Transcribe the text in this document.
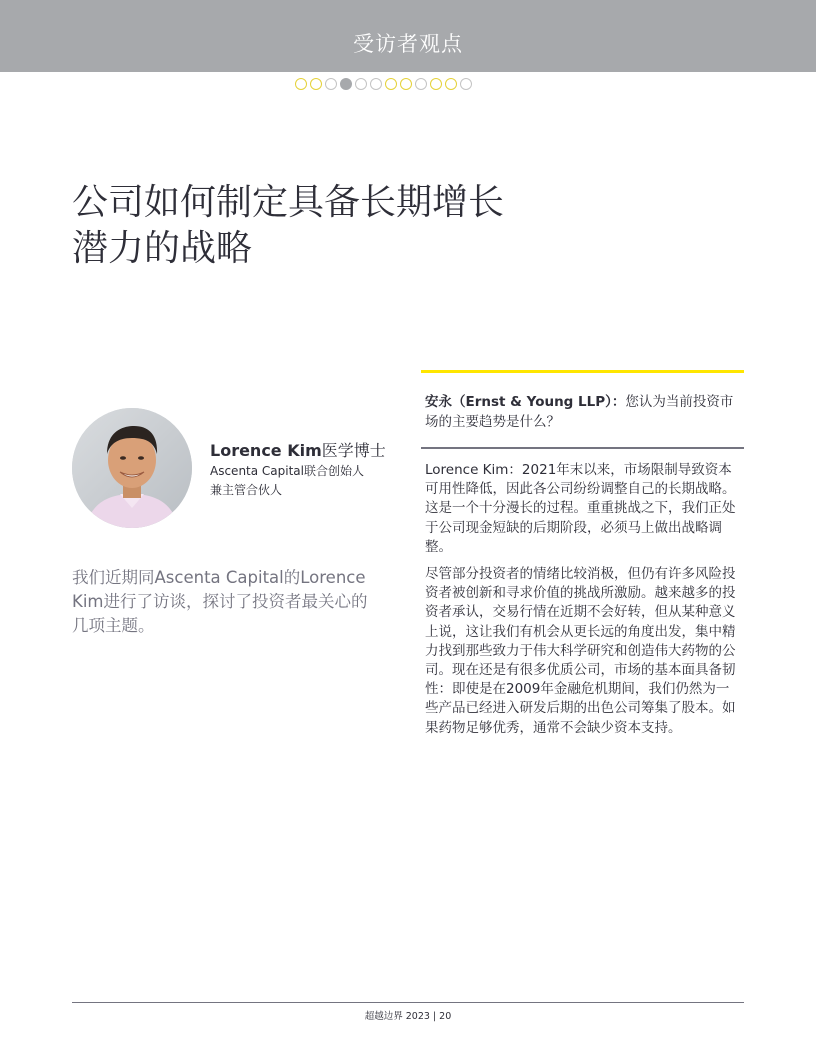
受访者观点
公司如何制定具备长期增长
潜力的战略
Lorence Kim医学博士
Ascenta Capital联合创始人
兼主管合伙人
我们近期同Ascenta Capital的Lorence Kim进行了访谈，探讨了投资者最关心的几项主题。
安永（Ernst & Young LLP）：您认为当前投资市场的主要趋势是什么？

Lorence Kim：2021年末以来，市场限制导致资本可用性降低，因此各公司纷纷调整自己的长期战略。这是一个十分漫长的过程。重重挑战之下，我们正处于公司现金短缺的后期阶段，必须马上做出战略调整。

尽管部分投资者的情绪比较消极，但仍有许多风险投资者被创新和寻求价值的挑战所激励。越来越多的投资者承认，交易行情在近期不会好转，但从某种意义上说，这让我们有机会从更长远的角度出发，集中精力找到那些致力于伟大科学研究和创造伟大药物的公司。现在还是有很多优质公司，市场的基本面具备韧性：即使是在2009年金融危机期间，我们仍然为一些产品已经进入研发后期的出色公司筹集了股本。如果药物足够优秀，通常不会缺少资本支持。

超越边界 2023 | 20
